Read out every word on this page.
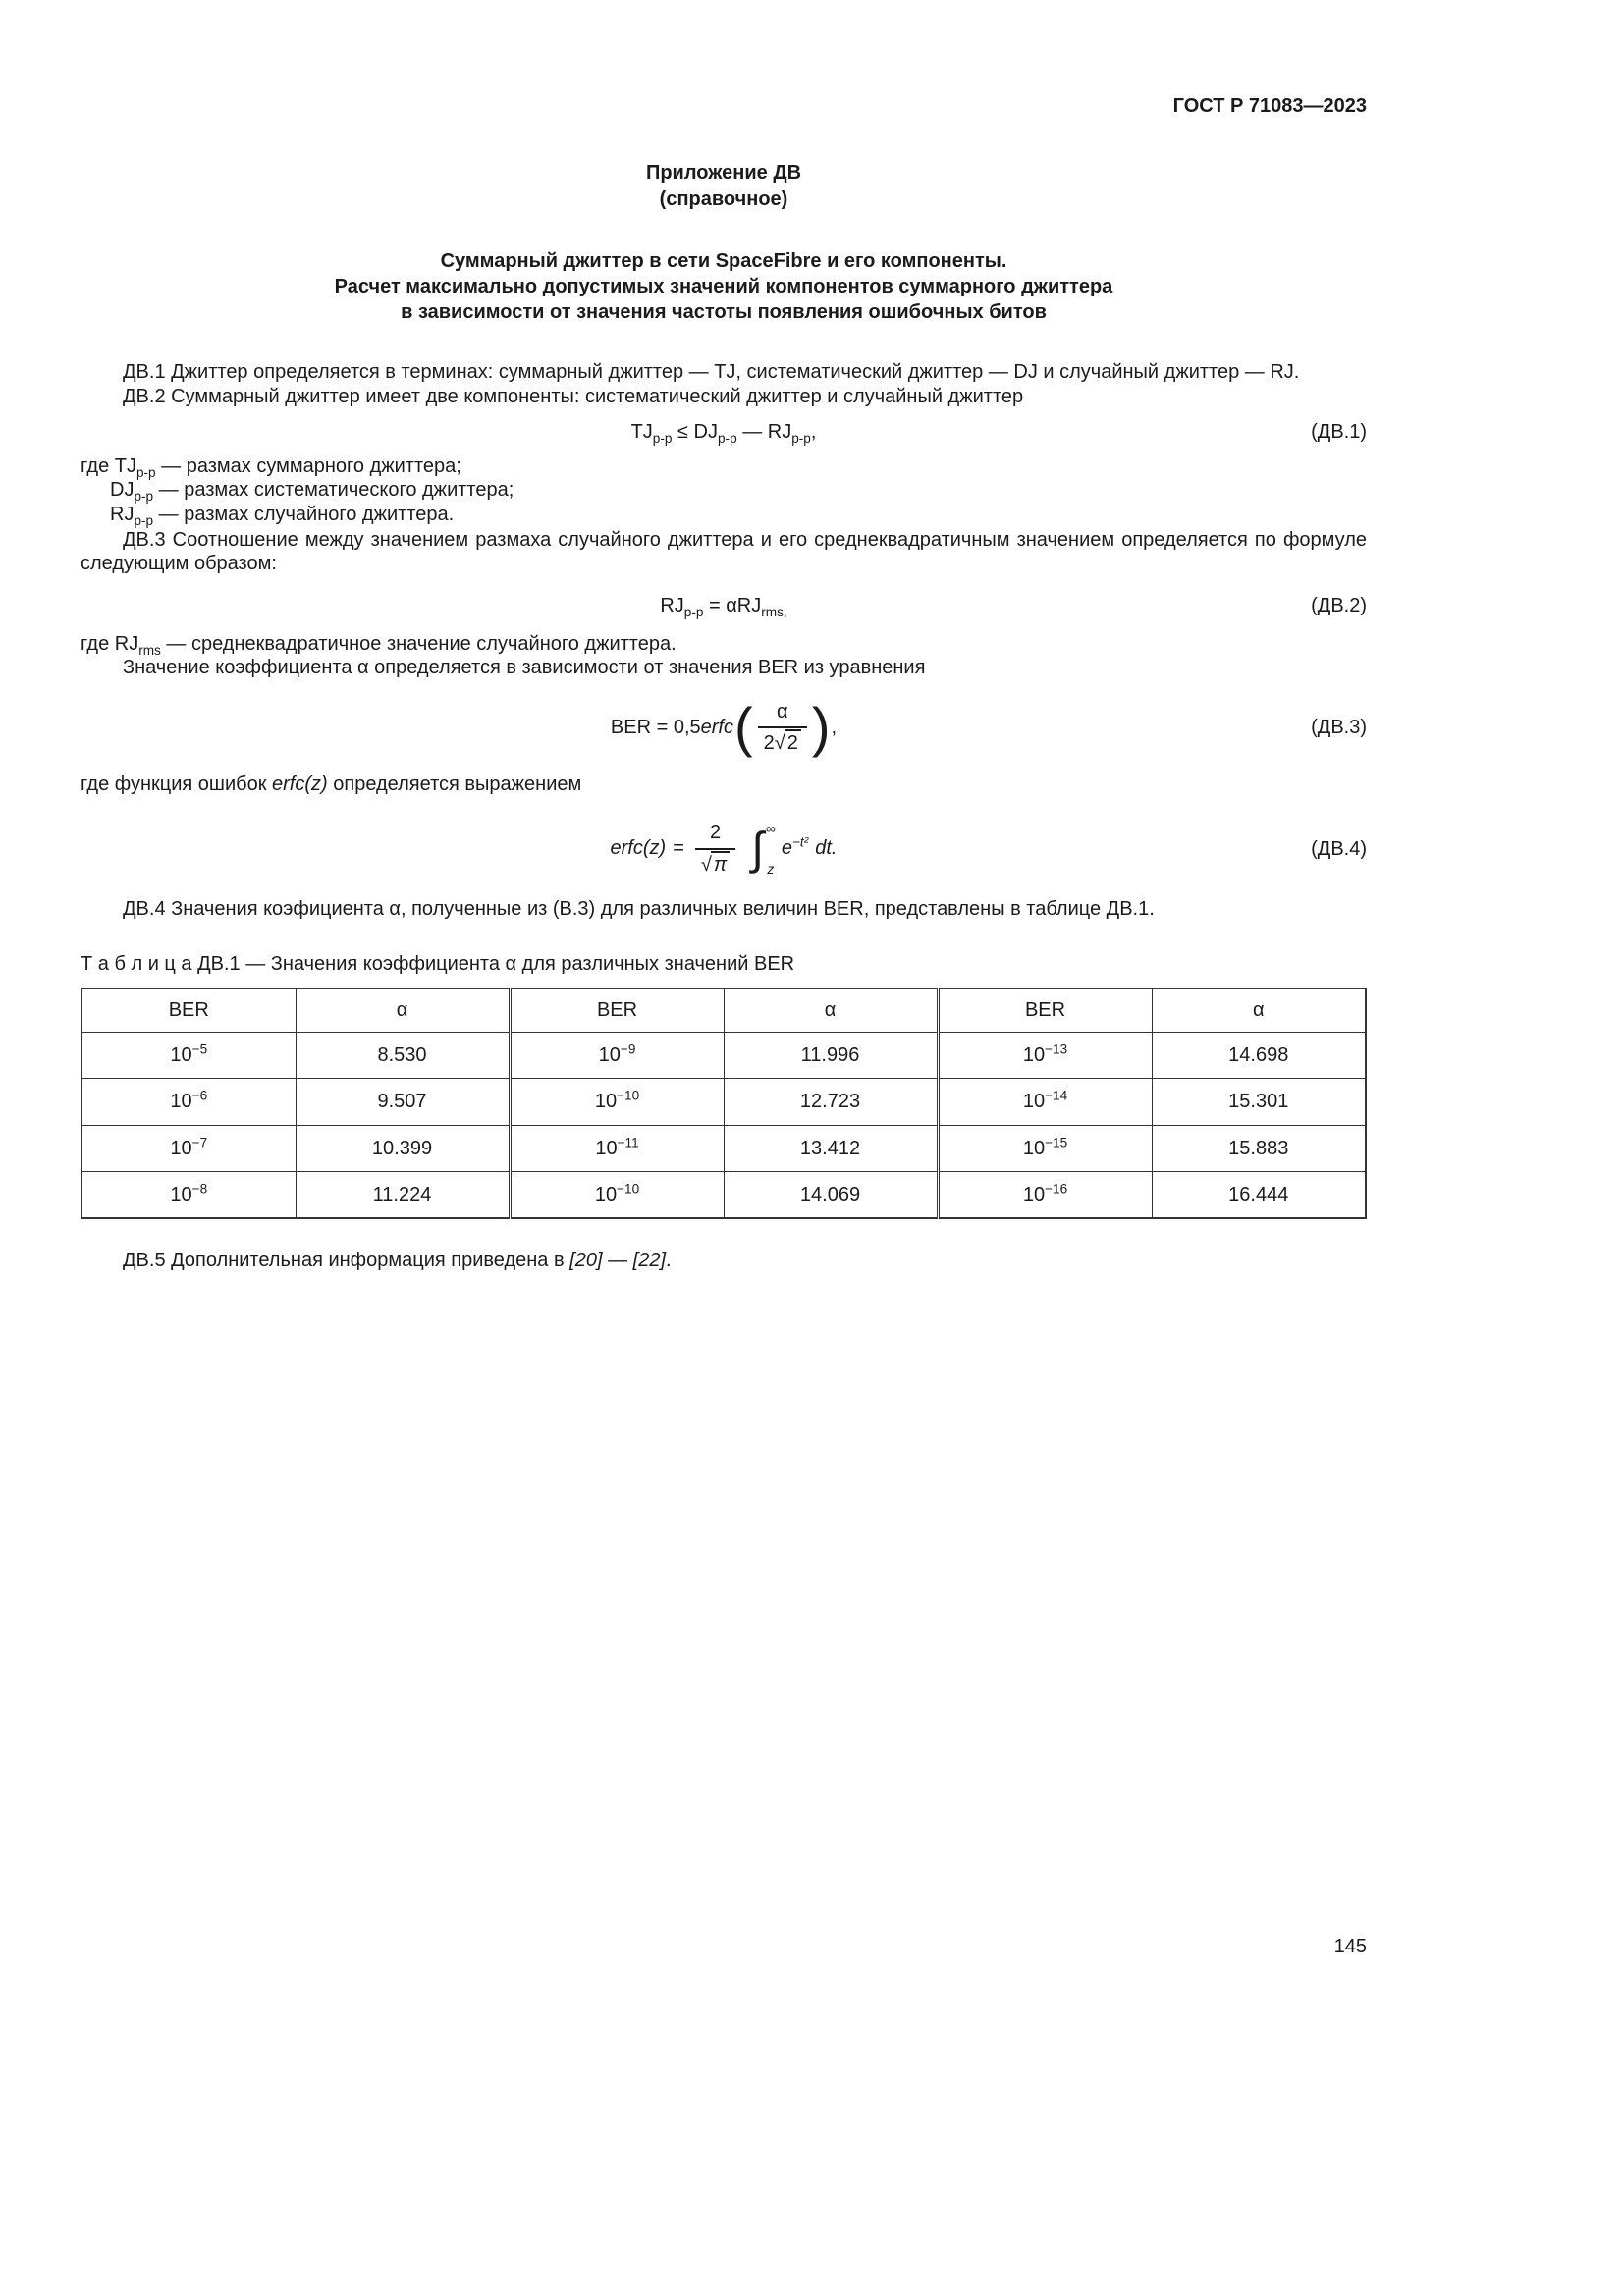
ГОСТ Р 71083—2023
Приложение ДВ
(справочное)
Суммарный джиттер в сети SpaceFibre и его компоненты.
Расчет максимально допустимых значений компонентов суммарного джиттера
в зависимости от значения частоты появления ошибочных битов

ДВ.1 Джиттер определяется в терминах: суммарный джиттер — TJ, систематический джиттер — DJ и случайный джиттер — RJ.

ДВ.2 Суммарный джиттер имеет две компоненты: систематический джиттер и случайный джиттер

$TJ_{p-p} \le DJ_{p-p}$ — $RJ_{p-p}$,	(ДВ.1)

где $TJ_{p-p}$ — размах суммарного джиттера;

$DJ_{p-p}$ — размах систематического джиттера;

$RJ_{p-p}$ — размах случайного джиттера.

ДВ.3 Соотношение между значением размаха случайного джиттера и его среднеквадратичным значением определяется по формуле следующим образом:

$RJ_{p-p} = \alpha RJ_{rms,}$	(ДВ.2)

где $RJ_{rms}$ — среднеквадратичное значение случайного джиттера.

Значение коэффициента α определяется в зависимости от значения BER из уравнения

BER = 0,5 erfc ( $\frac{\alpha}{2√ 2}$ ) ,	(ДВ.3)

где функция ошибок erfc(z) определяется выражением

erfc $(z) = \frac{2}{√ \pi}$ ∫ ∞
z
$e^{-t^2}$ dt.	(ДВ.4)

ДВ.4 Значения коэфициента α, полученные из (В.3) для различных величин BER, представлены в таблице ДВ.1.

Т а б л и ц а ДВ.1 — Значения коэффициента α для различных значений BER

BER	α	BER	α	BER	α
$10^{-5}$	8.530	$10^{-9}$	11.996	$10^{-13}$	14.698
$10^{-6}$	9.507	$10^{-10}$	12.723	$10^{-14}$	15.301
$10^{-7}$	10.399	$10^{-11}$	13.412	$10^{-15}$	15.883
$10^{-8}$	11.224	$10^{-10}$	14.069	$10^{-16}$	16.444

ДВ.5 Дополнительная информация приведена в [20] — [22].

145
